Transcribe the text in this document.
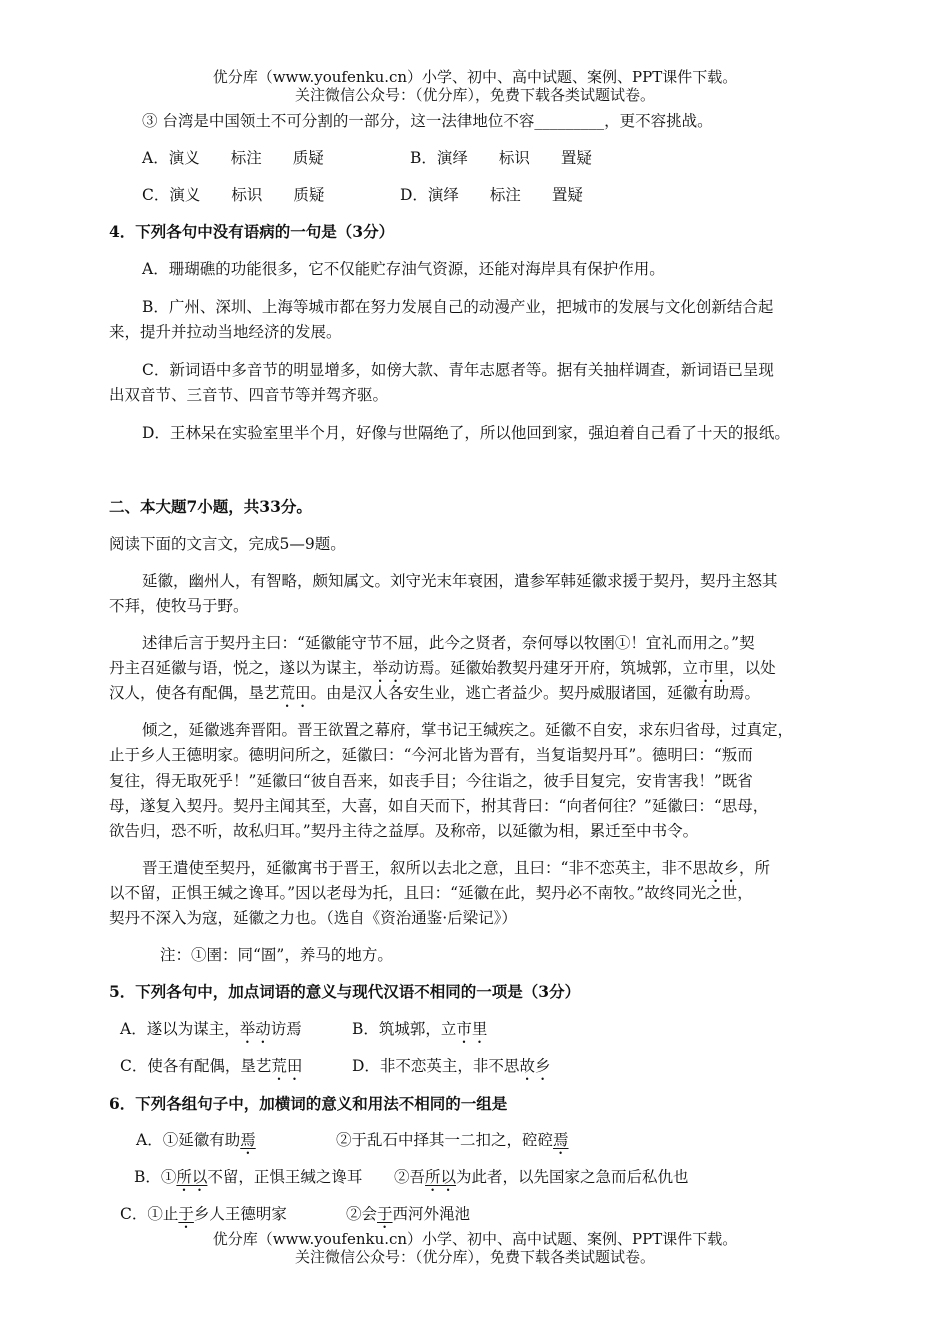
优分库（www.youfenku.cn）小学、初中、高中试题、案例、PPT课件下载。
关注微信公众号：（优分库），免费下载各类试题试卷。
③ 台湾是中国领土不可分割的一部分，这一法律地位不容_________，更不容挑战。
A．演义　　标注　　质疑	B．演绎　　标识　　置疑
C．演义　　标识　　质疑	D．演绎　　标注　　置疑
4．下列各句中没有语病的一句是（3分）
A．珊瑚礁的功能很多，它不仅能贮存油气资源，还能对海岸具有保护作用。
B．广州、深圳、上海等城市都在努力发展自己的动漫产业，把城市的发展与文化创新结合起
来，提升并拉动当地经济的发展。
C．新词语中多音节的明显增多，如傍大款、青年志愿者等。据有关抽样调查，新词语已呈现
出双音节、三音节、四音节等并驾齐驱。
D．王林呆在实验室里半个月，好像与世隔绝了，所以他回到家，强迫着自己看了十天的报纸。
二、本大题7小题，共33分。
阅读下面的文言文，完成5—9题。
延徽，幽州人，有智略，颇知属文。刘守光末年衰困，遣参军韩延徽求援于契丹，契丹主怒其
不拜，使牧马于野。
述律后言于契丹主曰：“延徽能守节不屈，此今之贤者，奈何辱以牧圉①！宜礼而用之。”契
丹主召延徽与语，悦之，遂以为谋主，举动访焉。延徽始教契丹建牙开府，筑城郭，立市里，以处
汉人，使各有配偶，垦艺荒田。由是汉人各安生业，逃亡者益少。契丹威服诸国，延徽有助焉。
倾之，延徽逃奔晋阳。晋王欲置之幕府，掌书记王缄疾之。延徽不自安，求东归省母，过真定，
止于乡人王德明家。德明问所之，延徽曰：“今河北皆为晋有，当复诣契丹耳”。德明曰：“叛而
复往，得无取死乎！”延徽曰“彼自吾来，如丧手目；今往诣之，彼手目复完，安肯害我！”既省
母，遂复入契丹。契丹主闻其至，大喜，如自天而下，拊其背曰：“向者何往？”延徽曰：“思母，
欲告归，恐不听，故私归耳。”契丹主待之益厚。及称帝，以延徽为相，累迁至中书令。
晋王遣使至契丹，延徽寓书于晋王，叙所以去北之意，且曰：“非不恋英主，非不思故乡，所
以不留，正惧王缄之谗耳。”因以老母为托，且曰：“延徽在此，契丹必不南牧。”故终同光之世，
契丹不深入为寇，延徽之力也。（选自《资治通鉴·后梁记》）
注：①圉：同“圄”，养马的地方。
5．下列各句中，加点词语的意义与现代汉语不相同的一项是（3分）
A．遂以为谋主，举动访焉	B．筑城郭，立市里
C．使各有配偶，垦艺荒田	D．非不恋英主，非不思故乡
6．下列各组句子中，加横词的意义和用法不相同的一组是
A．①延徽有助焉	②于乱石中择其一二扣之，硿硿焉
B．①所以不留，正惧王缄之谗耳 ②吾所以为此者，以先国家之急而后私仇也
C．①止于乡人王德明家	②会于西河外渑池
优分库（www.youfenku.cn）小学、初中、高中试题、案例、PPT课件下载。
关注微信公众号：（优分库），免费下载各类试题试卷。
